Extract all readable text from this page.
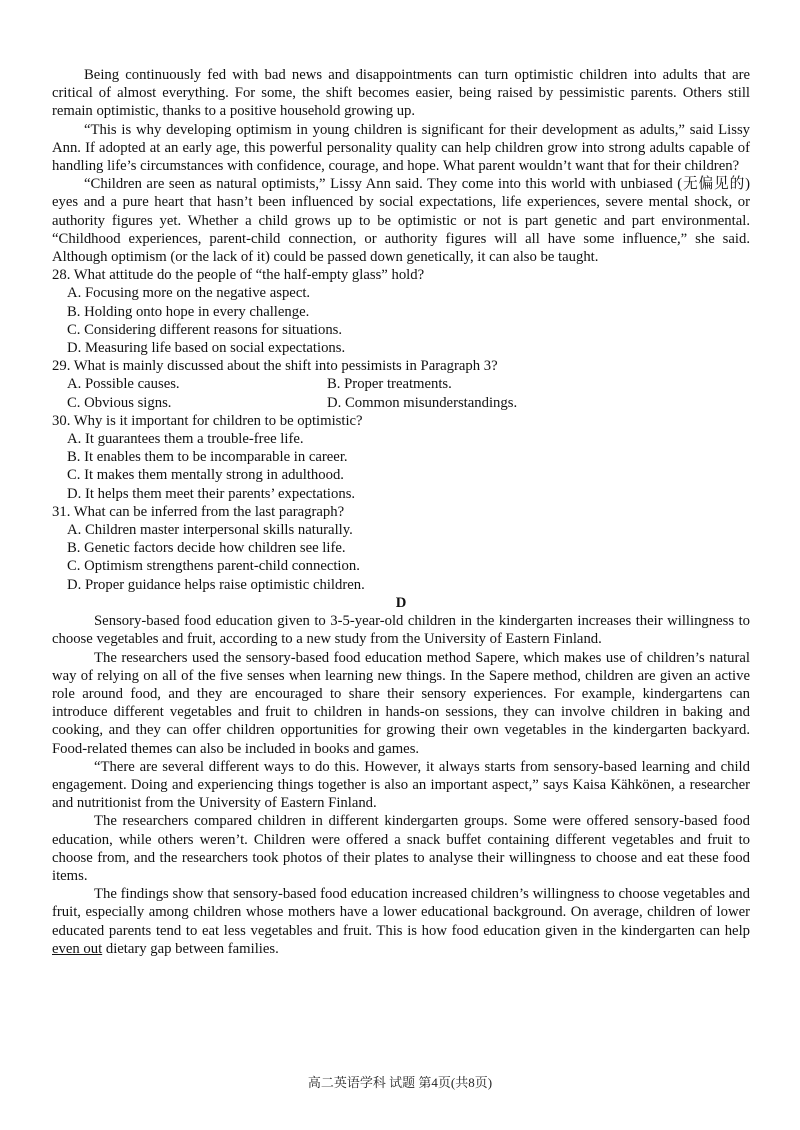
Being continuously fed with bad news and disappointments can turn optimistic children into adults that are critical of almost everything. For some, the shift becomes easier, being raised by pessimistic parents. Others still remain optimistic, thanks to a positive household growing up.

“This is why developing optimism in young children is significant for their development as adults,” said Lissy Ann. If adopted at an early age, this powerful personality quality can help children grow into strong adults capable of handling life’s circumstances with confidence, courage, and hope. What parent wouldn’t want that for their children?

“Children are seen as natural optimists,” Lissy Ann said. They come into this world with unbiased (无偏见的) eyes and a pure heart that hasn’t been influenced by social expectations, life experiences, severe mental shock, or authority figures yet. Whether a child grows up to be optimistic or not is part genetic and part environmental. “Childhood experiences, parent-child connection, or authority figures will all have some influence,” she said. Although optimism (or the lack of it) could be passed down genetically, it can also be taught.

28. What attitude do the people of “the half-empty glass” hold?

A. Focusing more on the negative aspect.
B. Holding onto hope in every challenge.
C. Considering different reasons for situations.
D. Measuring life based on social expectations.

29. What is mainly discussed about the shift into pessimists in Paragraph 3?

A. Possible causes.	B. Proper treatments.
C. Obvious signs.	D. Common misunderstandings.

30. Why is it important for children to be optimistic?

A. It guarantees them a trouble-free life.
B. It enables them to be incomparable in career.
C. It makes them mentally strong in adulthood.
D. It helps them meet their parents’ expectations.

31. What can be inferred from the last paragraph?

A. Children master interpersonal skills naturally.
B. Genetic factors decide how children see life.
C. Optimism strengthens parent-child connection.
D. Proper guidance helps raise optimistic children.

D

Sensory-based food education given to 3-5-year-old children in the kindergarten increases their willingness to choose vegetables and fruit, according to a new study from the University of Eastern Finland.

The researchers used the sensory-based food education method Sapere, which makes use of children’s natural way of relying on all of the five senses when learning new things. In the Sapere method, children are given an active role around food, and they are encouraged to share their sensory experiences. For example, kindergartens can introduce different vegetables and fruit to children in hands-on sessions, they can involve children in baking and cooking, and they can offer children opportunities for growing their own vegetables in the kindergarten backyard. Food-related themes can also be included in books and games.

“There are several different ways to do this. However, it always starts from sensory-based learning and child engagement. Doing and experiencing things together is also an important aspect,” says Kaisa Kähkönen, a researcher and nutritionist from the University of Eastern Finland.

The researchers compared children in different kindergarten groups. Some were offered sensory-based food education, while others weren’t. Children were offered a snack buffet containing different vegetables and fruit to choose from, and the researchers took photos of their plates to analyse their willingness to choose and eat these food items.

The findings show that sensory-based food education increased children’s willingness to choose vegetables and fruit, especially among children whose mothers have a lower educational background. On average, children of lower educated parents tend to eat less vegetables and fruit. This is how food education given in the kindergarten can help even out dietary gap between families.

高二英语学科 试题 第4页(共8页)
